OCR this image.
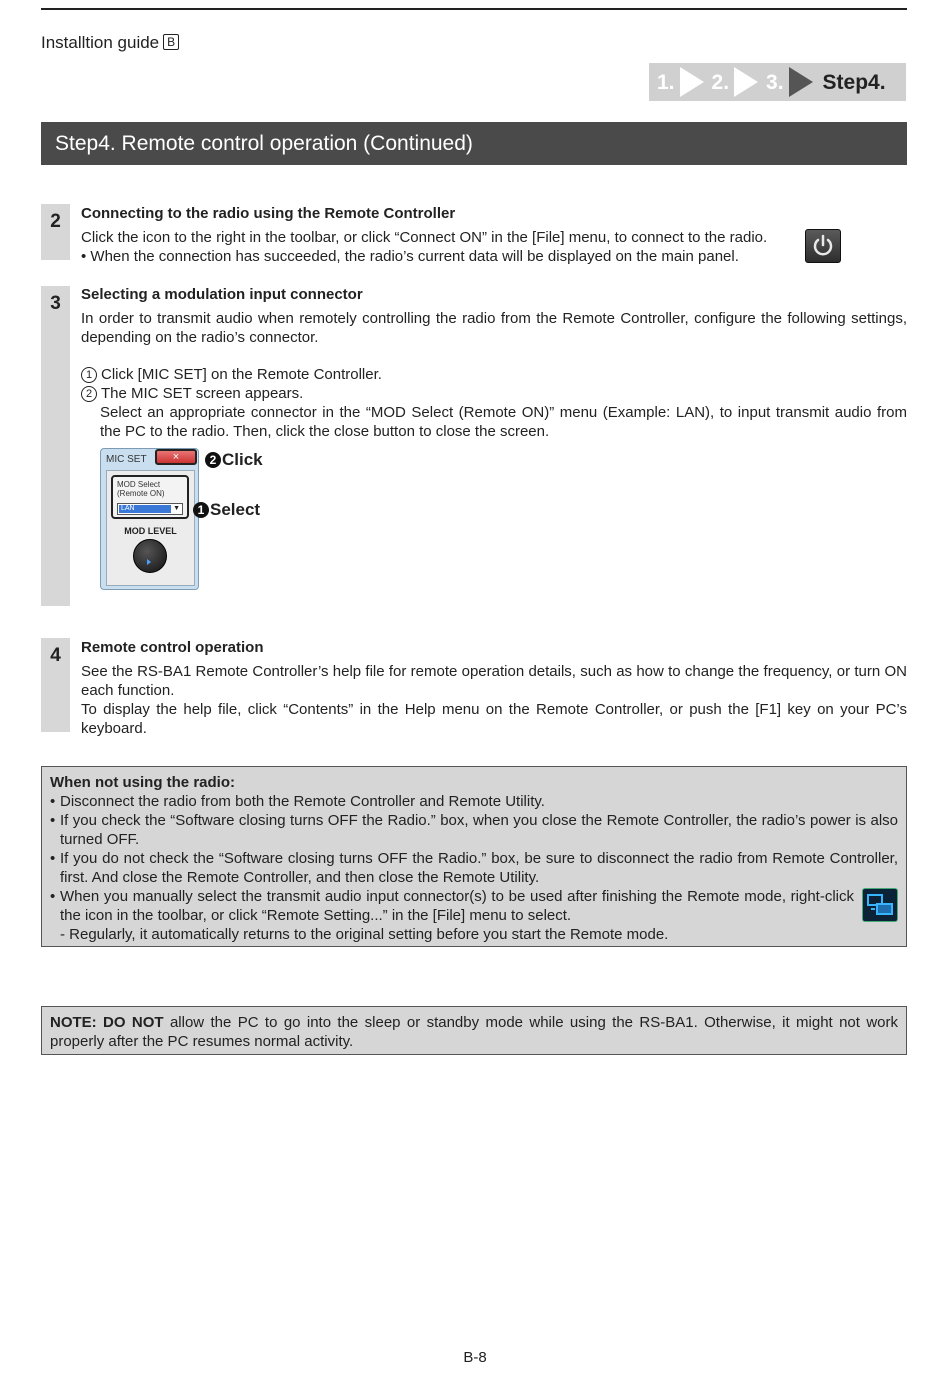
Installtion guide B
1. 2. 3. Step4.
Step4. Remote control operation (Continued)
2	Connecting to the radio using the Remote Controller

Click the icon to the right in the toolbar, or click “Connect ON” in the [File] menu, to connect to the radio.

• When the connection has succeeded, the radio’s current data will be displayed on the main panel.

3	Selecting a modulation input connector

In order to transmit audio when remotely controlling the radio from the Remote Controller, configure the following settings, depending on the radio’s connector.

1 Click [MIC SET] on the Remote Controller.

2 The MIC SET screen appears.

Select an appropriate connector in the “MOD Select (Remote ON)” menu (Example: LAN), to input transmit audio from the PC to the radio. Then, click the close button to close the screen.

MIC SET	×
MOD Select
(Remote ON)
LAN	▼
MOD LEVEL
2 Click
1 Select
4	Remote control operation

See the RS-BA1 Remote Controller’s help file for remote operation details, such as how to change the frequency, or turn ON each function.

To display the help file, click “Contents” in the Help menu on the Remote Controller, or push the [F1] key on your PC’s keyboard.

When not using the radio:
• Disconnect the radio from both the Remote Controller and Remote Utility.
• If you check the “Software closing turns OFF the Radio.” box, when you close the Remote Controller, the radio’s power is also turned OFF.
• If you do not check the “Software closing turns OFF the Radio.” box, be sure to disconnect the radio from Remote Controller, first. And close the Remote Controller, and then close the Remote Utility.
• When you manually select the transmit audio input connector(s) to be used after finishing the Remote mode, right-click the icon in the toolbar, or click “Remote Setting...” in the [File] menu to select.
- Regularly, it automatically returns to the original setting before you start the Remote mode.

NOTE: DO NOT allow the PC to go into the sleep or standby mode while using the RS-BA1. Otherwise, it might not work properly after the PC resumes normal activity.

B-8
